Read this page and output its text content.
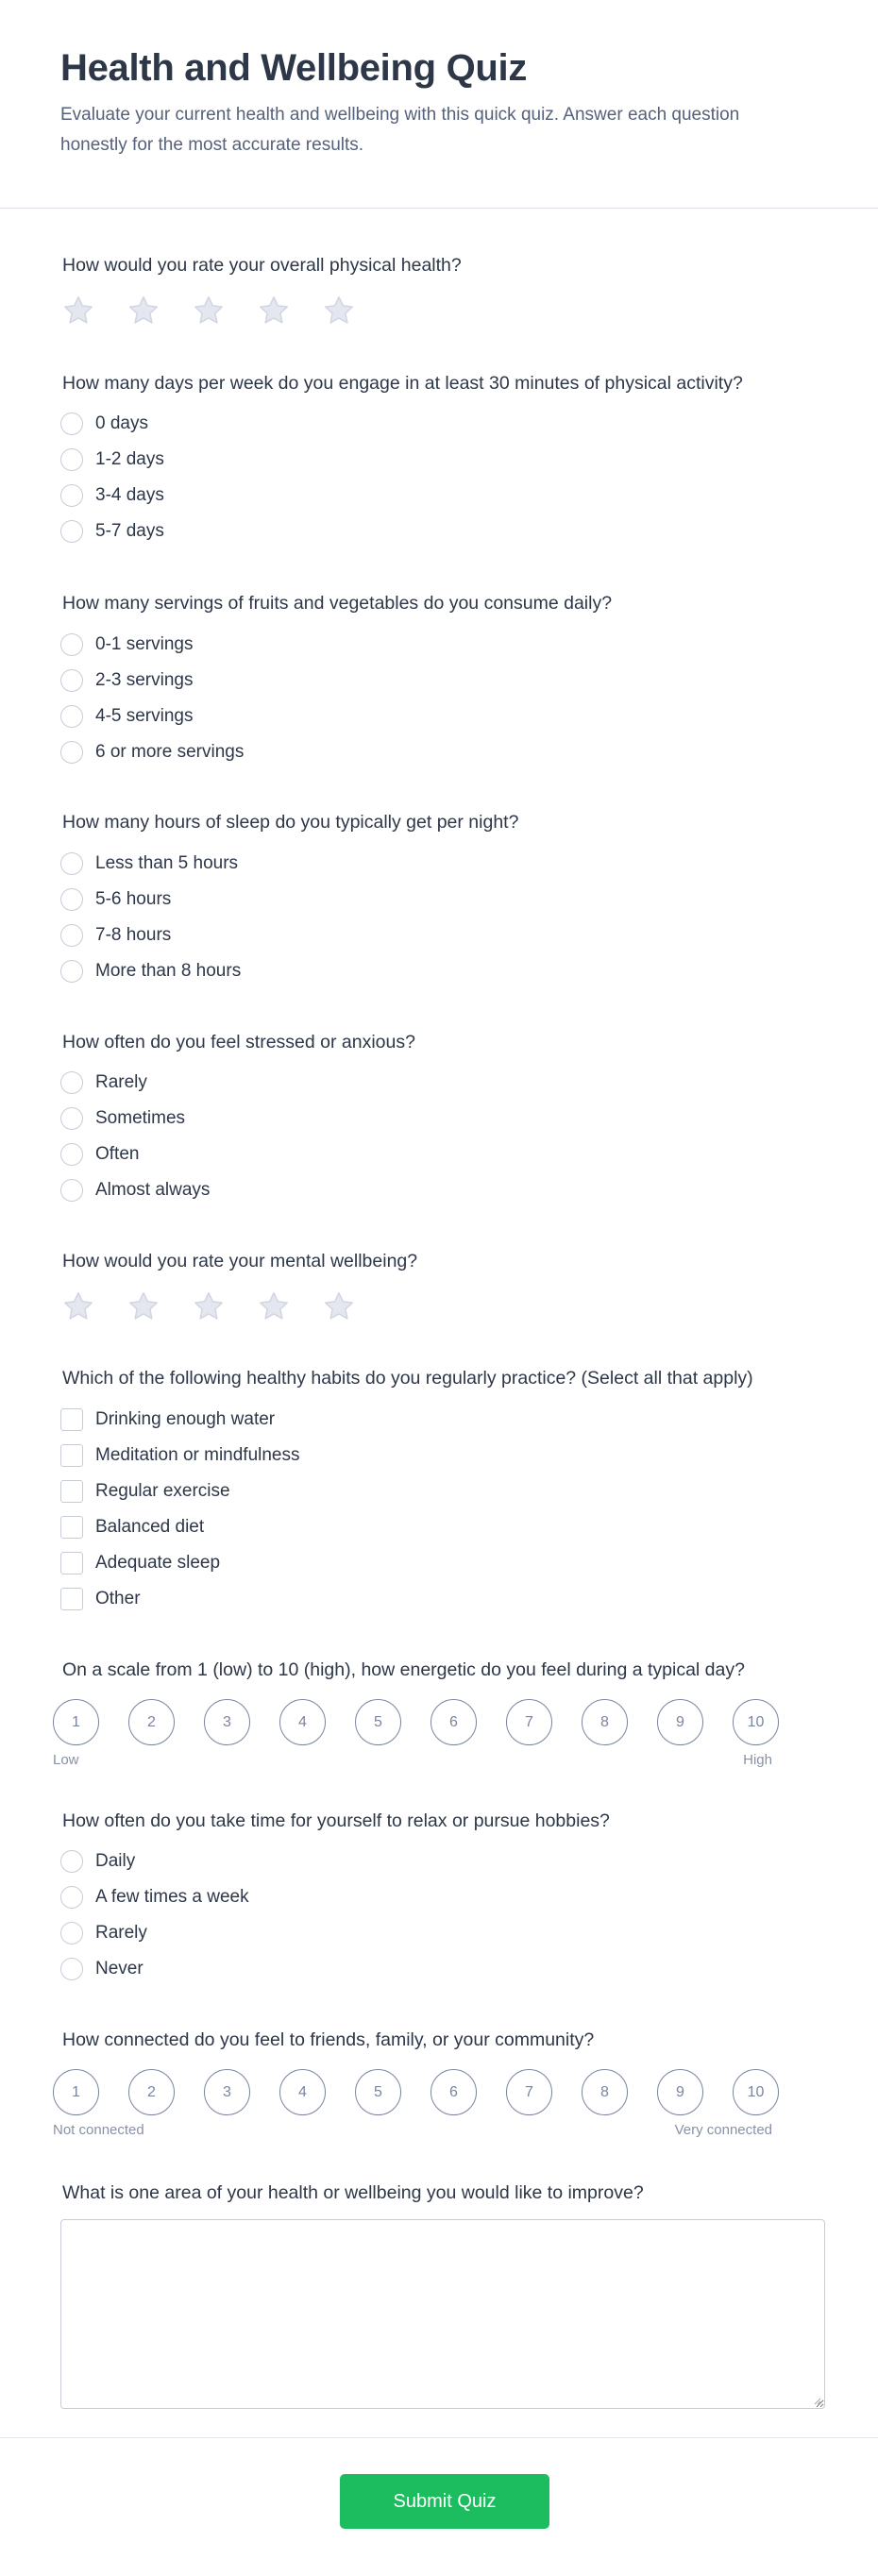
Health and Wellbeing Quiz

Evaluate your current health and wellbeing with this quick quiz. Answer each question honestly for the most accurate results.

How would you rate your overall physical health?
How many days per week do you engage in at least 30 minutes of physical activity?
0 days
1-2 days
3-4 days
5-7 days
How many servings of fruits and vegetables do you consume daily?
0-1 servings
2-3 servings
4-5 servings
6 or more servings
How many hours of sleep do you typically get per night?
Less than 5 hours
5-6 hours
7-8 hours
More than 8 hours
How often do you feel stressed or anxious?
Rarely
Sometimes
Often
Almost always
How would you rate your mental wellbeing?
Which of the following healthy habits do you regularly practice? (Select all that apply)
Drinking enough water
Meditation or mindfulness
Regular exercise
Balanced diet
Adequate sleep
Other
On a scale from 1 (low) to 10 (high), how energetic do you feel during a typical day?
1	2	3	4	5	6	7	8	9	10
Low	High
How often do you take time for yourself to relax or pursue hobbies?
Daily
A few times a week
Rarely
Never
How connected do you feel to friends, family, or your community?
1	2	3	4	5	6	7	8	9	10
Not connected	Very connected
What is one area of your health or wellbeing you would like to improve?
Submit Quiz
